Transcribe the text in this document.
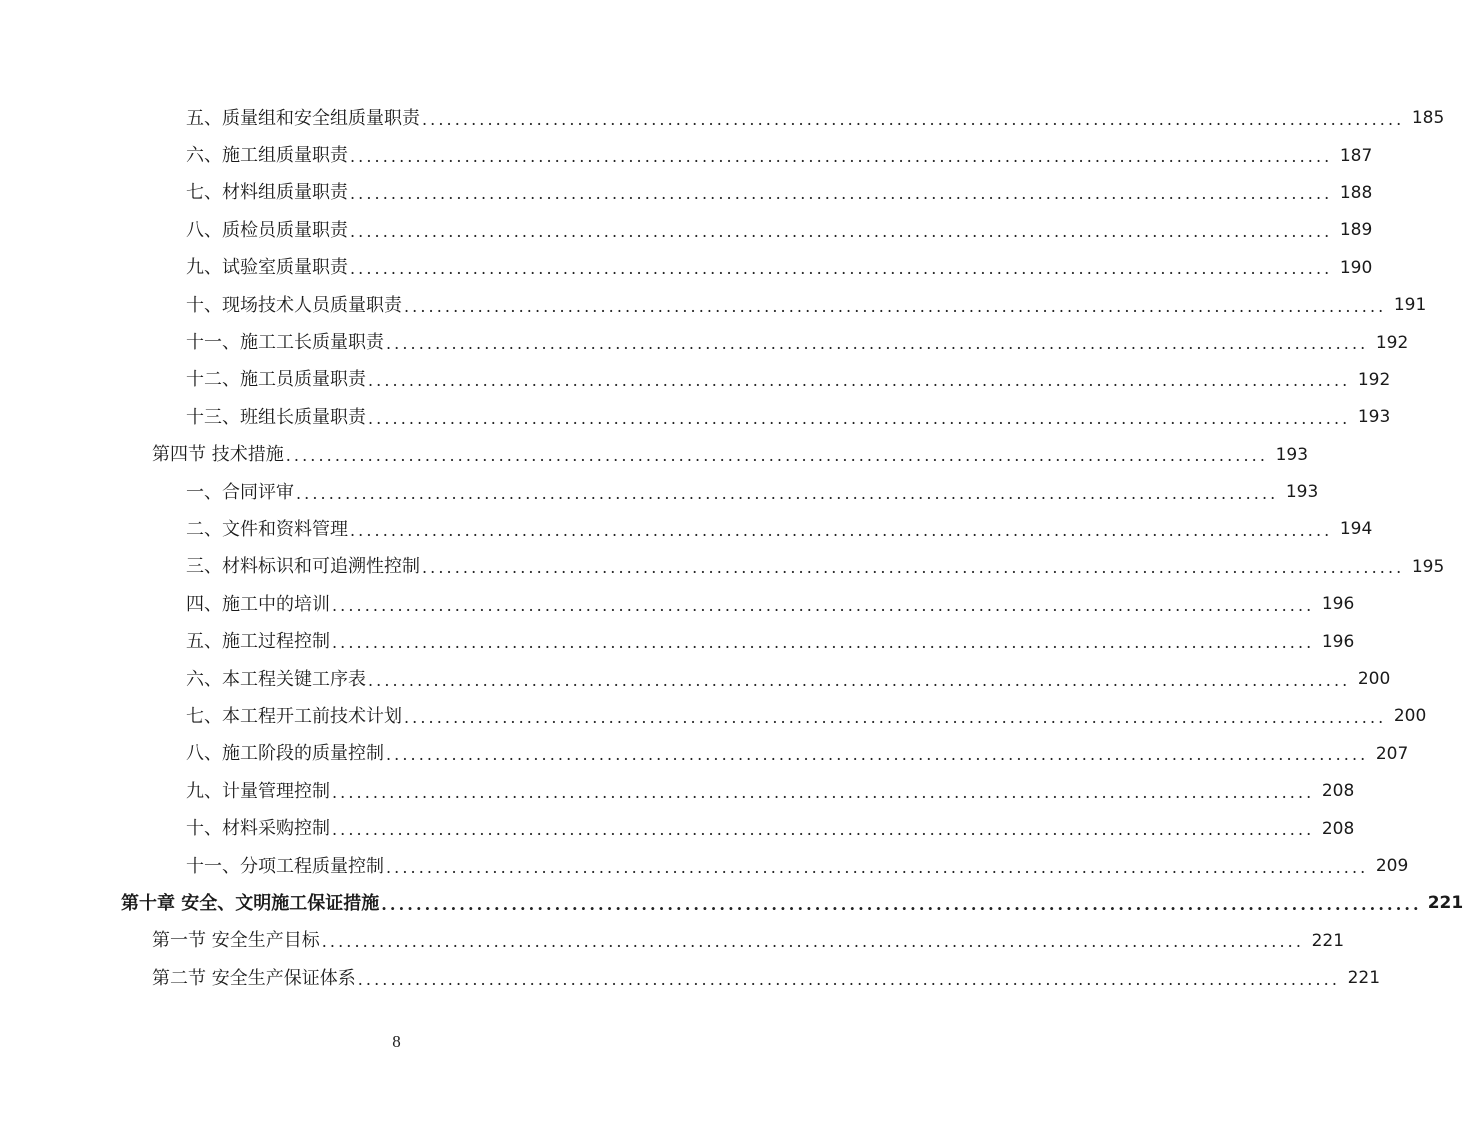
五、质量组和安全组质量职责 ........................................................................................................................ 185
六、施工组质量职责 ........................................................................................................................ 187
七、材料组质量职责 ........................................................................................................................ 188
八、质检员质量职责 ........................................................................................................................ 189
九、试验室质量职责 ........................................................................................................................ 190
十、现场技术人员质量职责 ........................................................................................................................ 191
十一、施工工长质量职责 ........................................................................................................................ 192
十二、施工员质量职责 ........................................................................................................................ 192
十三、班组长质量职责 ........................................................................................................................ 193
第四节 技术措施 ........................................................................................................................ 193
一、合同评审 ........................................................................................................................ 193
二、文件和资料管理 ........................................................................................................................ 194
三、材料标识和可追溯性控制 ........................................................................................................................ 195
四、施工中的培训 ........................................................................................................................ 196
五、施工过程控制 ........................................................................................................................ 196
六、本工程关键工序表 ........................................................................................................................ 200
七、本工程开工前技术计划 ........................................................................................................................ 200
八、施工阶段的质量控制 ........................................................................................................................ 207
九、计量管理控制 ........................................................................................................................ 208
十、材料采购控制 ........................................................................................................................ 208
十一、分项工程质量控制 ........................................................................................................................ 209
第十章 安全、文明施工保证措施 ........................................................................................................................ 221
第一节 安全生产目标 ........................................................................................................................ 221
第二节 安全生产保证体系 ........................................................................................................................ 221
8
